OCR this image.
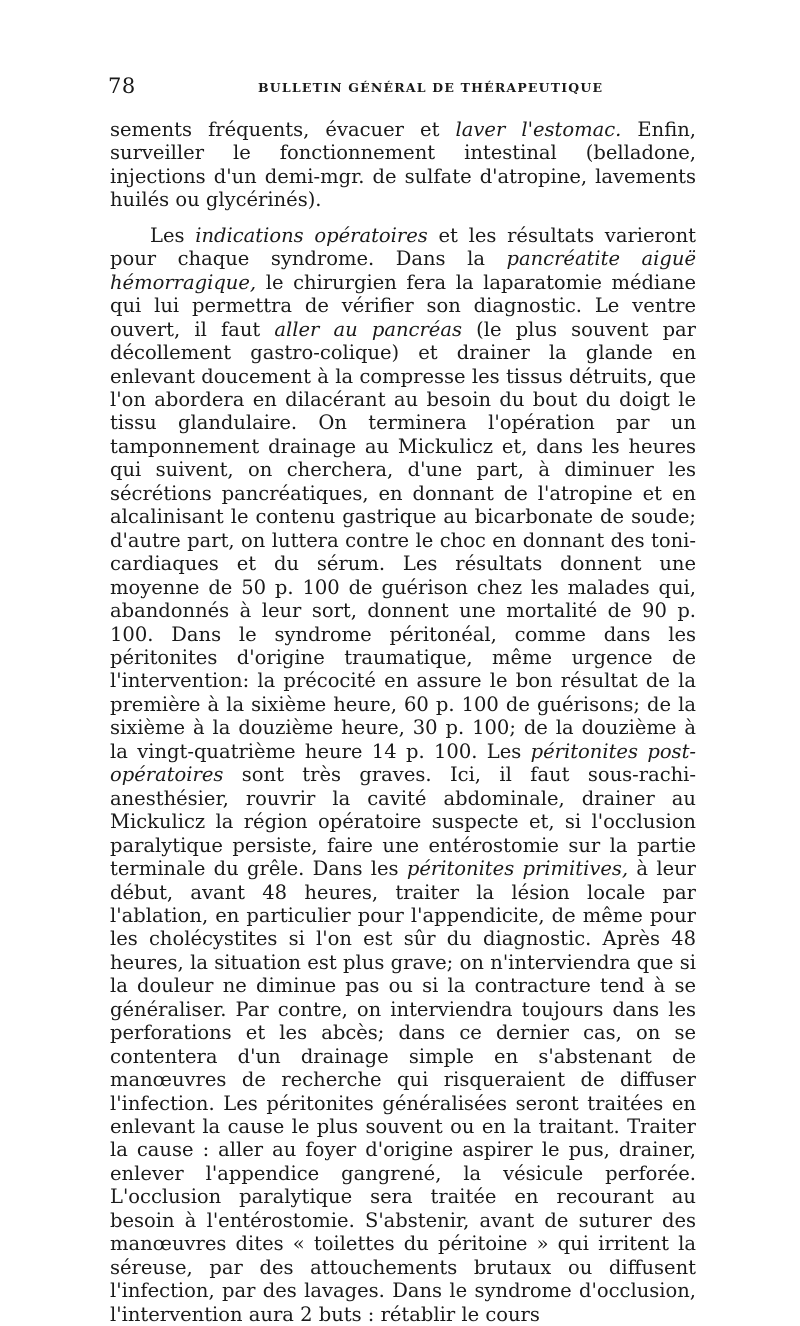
78	BULLETIN GÉNÉRAL DE THÉRAPEUTIQUE

sements fréquents, évacuer et laver l'estomac. Enfin, surveiller le fonctionnement intestinal (belladone, injections d'un demi-mgr. de sulfate d'atropine, lavements huilés ou glycérinés).

Les indications opératoires et les résultats varieront pour chaque syndrome. Dans la pancréatite aiguë hémorragique, le chirurgien fera la laparatomie médiane qui lui permettra de vérifier son diagnostic. Le ventre ouvert, il faut aller au pancréas (le plus souvent par décollement gastro-colique) et drainer la glande en enlevant doucement à la compresse les tissus détruits, que l'on abordera en dilacérant au besoin du bout du doigt le tissu glandulaire. On terminera l'opération par un tamponnement drainage au Mickulicz et, dans les heures qui suivent, on cherchera, d'une part, à diminuer les sécrétions pancréatiques, en donnant de l'atropine et en alcalinisant le contenu gastrique au bicarbonate de soude; d'autre part, on luttera contre le choc en donnant des toni-cardiaques et du sérum. Les résultats donnent une moyenne de 50 p. 100 de guérison chez les malades qui, abandonnés à leur sort, donnent une mortalité de 90 p. 100. Dans le syndrome péritonéal, comme dans les péritonites d'origine traumatique, même urgence de l'intervention: la précocité en assure le bon résultat de la première à la sixième heure, 60 p. 100 de guérisons; de la sixième à la douzième heure, 30 p. 100; de la douzième à la vingt-quatrième heure 14 p. 100. Les péritonites post-opératoires sont très graves. Ici, il faut sous-rachi-anesthésier, rouvrir la cavité abdominale, drainer au Mickulicz la région opératoire suspecte et, si l'occlusion paralytique persiste, faire une entérostomie sur la partie terminale du grêle. Dans les péritonites primitives, à leur début, avant 48 heures, traiter la lésion locale par l'ablation, en particulier pour l'appendicite, de même pour les cholécystites si l'on est sûr du diagnostic. Après 48 heures, la situation est plus grave; on n'interviendra que si la douleur ne diminue pas ou si la contracture tend à se généraliser. Par contre, on interviendra toujours dans les perforations et les abcès; dans ce dernier cas, on se contentera d'un drainage simple en s'abstenant de manœuvres de recherche qui risqueraient de diffuser l'infection. Les péritonites généralisées seront traitées en enlevant la cause le plus souvent ou en la traitant. Traiter la cause : aller au foyer d'origine aspirer le pus, drainer, enlever l'appendice gangrené, la vésicule perforée. L'occlusion paralytique sera traitée en recourant au besoin à l'entérostomie. S'abstenir, avant de suturer des manœuvres dites « toilettes du péritoine » qui irritent la séreuse, par des attouchements brutaux ou diffusent l'infection, par des lavages. Dans le syndrome d'occlusion, l'intervention aura 2 buts : rétablir le cours
